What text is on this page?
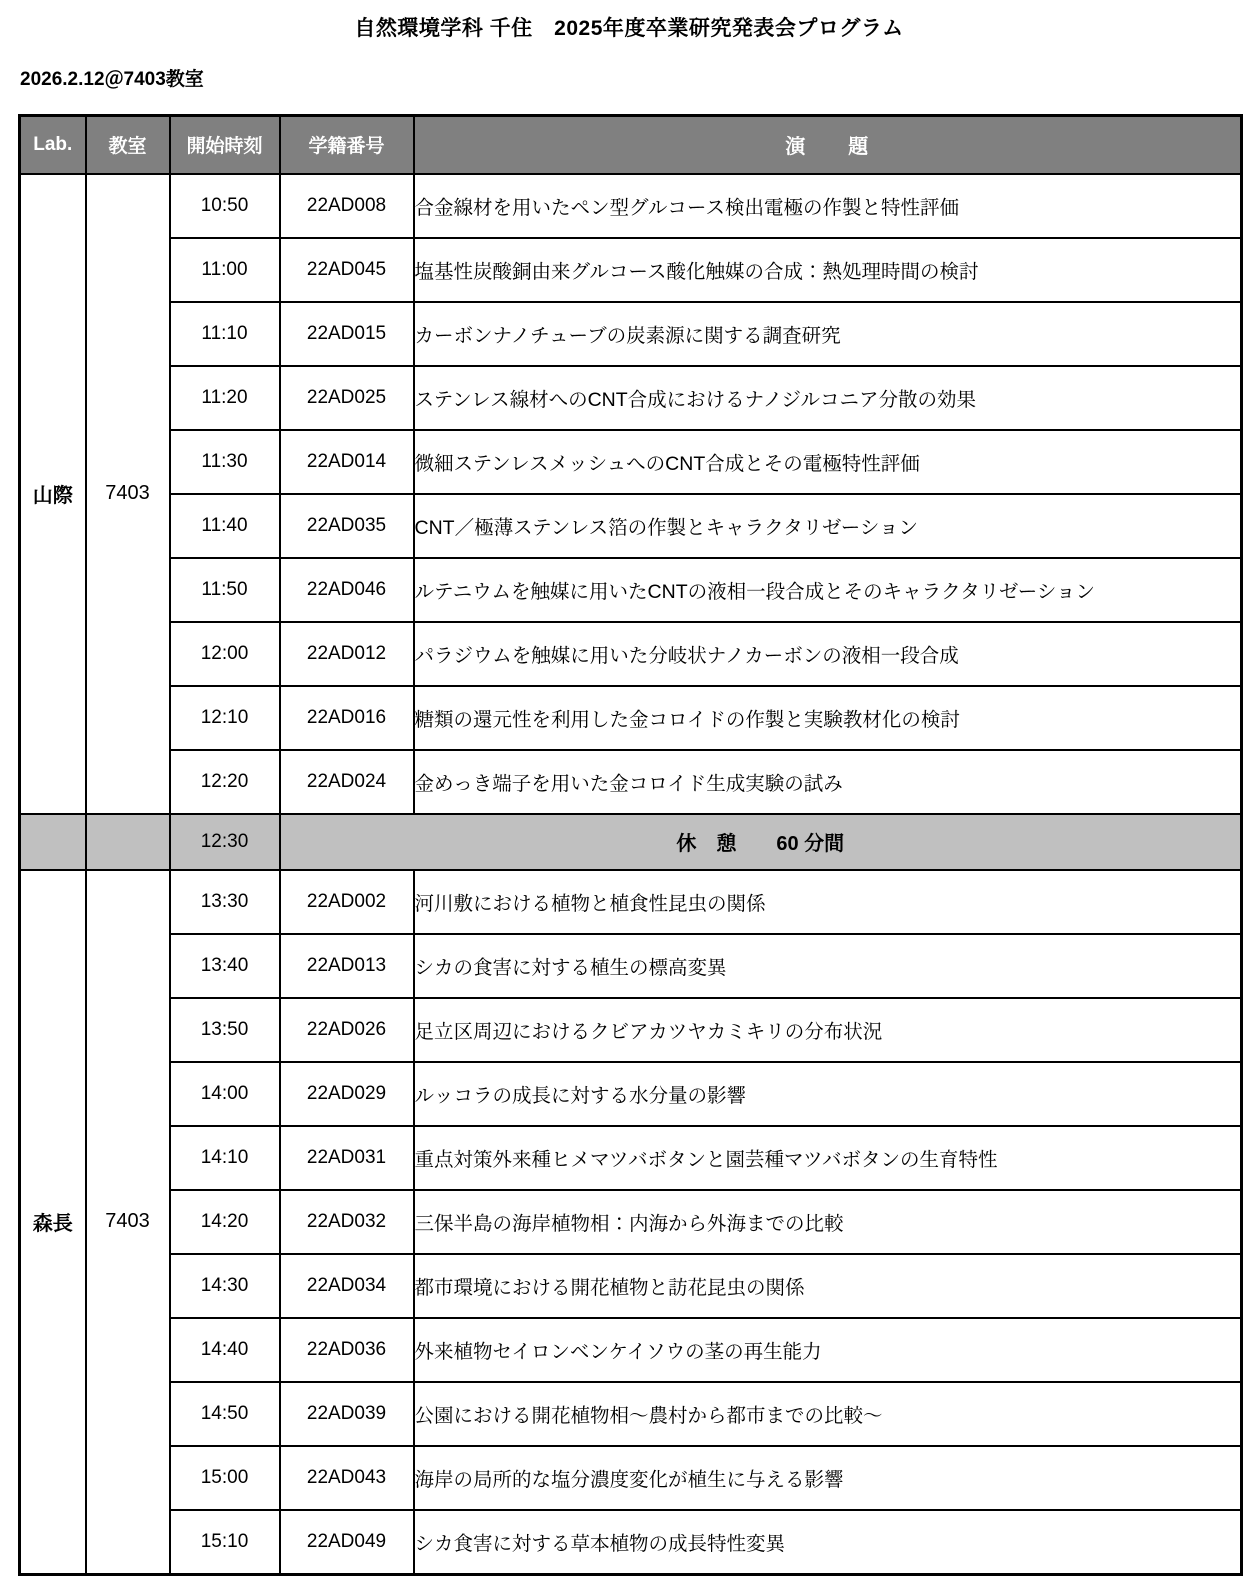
自然環境学科 千住　2025年度卒業研究発表会プログラム
2026.2.12＠7403教室
Lab.	教室	開始時刻	学籍番号	演　　題
山際	7403	10:50	22AD008	合金線材を用いたペン型グルコース検出電極の作製と特性評価
		11:00	22AD045	塩基性炭酸銅由来グルコース酸化触媒の合成：熱処理時間の検討
		11:10	22AD015	カーボンナノチューブの炭素源に関する調査研究
		11:20	22AD025	ステンレス線材へのCNT合成におけるナノジルコニア分散の効果
		11:30	22AD014	微細ステンレスメッシュへのCNT合成とその電極特性評価
		11:40	22AD035	CNT／極薄ステンレス箔の作製とキャラクタリゼーション
		11:50	22AD046	ルテニウムを触媒に用いたCNTの液相一段合成とそのキャラクタリゼーション
		12:00	22AD012	パラジウムを触媒に用いた分岐状ナノカーボンの液相一段合成
		12:10	22AD016	糖類の還元性を利用した金コロイドの作製と実験教材化の検討
		12:20	22AD024	金めっき端子を用いた金コロイド生成実験の試み
		12:30	休　憩　　60 分間	
森長	7403	13:30	22AD002	河川敷における植物と植食性昆虫の関係
		13:40	22AD013	シカの食害に対する植生の標高変異
		13:50	22AD026	足立区周辺におけるクビアカツヤカミキリの分布状況
		14:00	22AD029	ルッコラの成長に対する水分量の影響
		14:10	22AD031	重点対策外来種ヒメマツバボタンと園芸種マツバボタンの生育特性
		14:20	22AD032	三保半島の海岸植物相：内海から外海までの比較
		14:30	22AD034	都市環境における開花植物と訪花昆虫の関係
		14:40	22AD036	外来植物セイロンベンケイソウの茎の再生能力
		14:50	22AD039	公園における開花植物相〜農村から都市までの比較〜
		15:00	22AD043	海岸の局所的な塩分濃度変化が植生に与える影響
		15:10	22AD049	シカ食害に対する草本植物の成長特性変異
